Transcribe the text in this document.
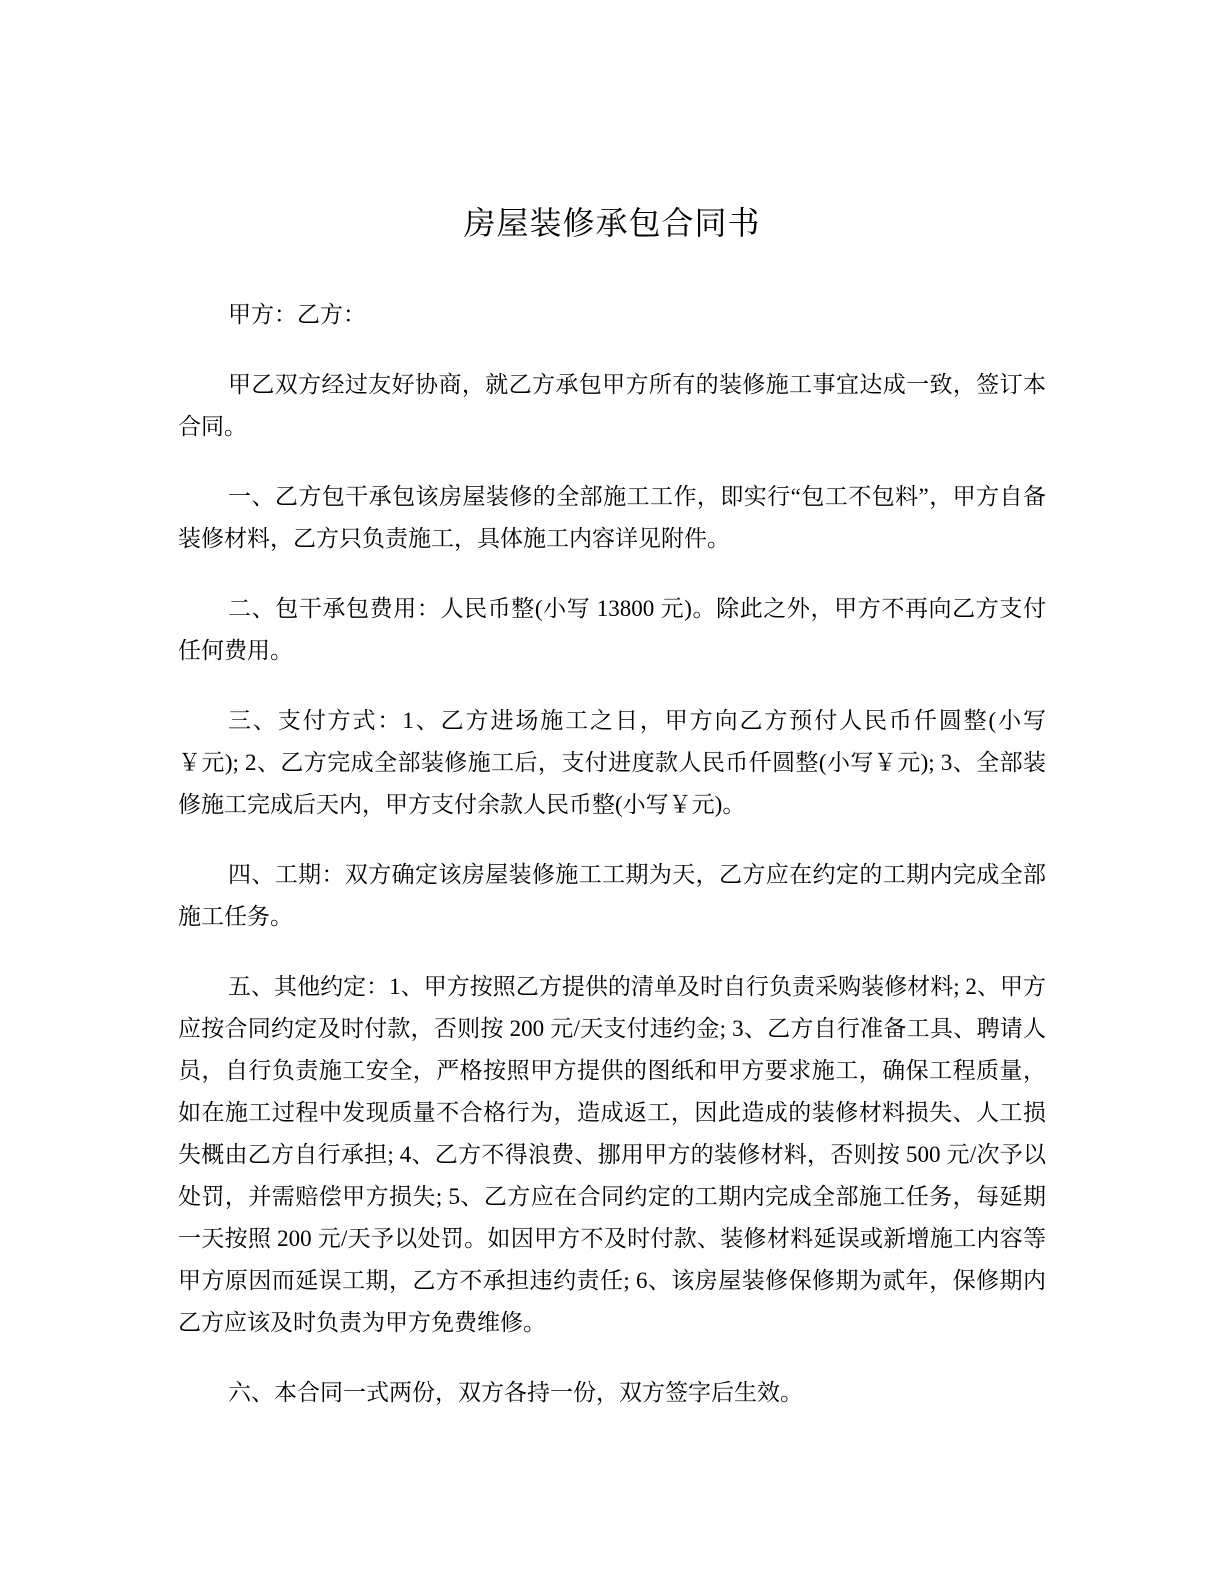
房屋装修承包合同书

甲方：乙方：

甲乙双方经过友好协商，就乙方承包甲方所有的装修施工事宜达成一致，签订本合同。

一、乙方包干承包该房屋装修的全部施工工作，即实行“包工不包料”，甲方自备装修材料，乙方只负责施工，具体施工内容详见附件。

二、包干承包费用：人民币整(小写 13800 元)。除此之外，甲方不再向乙方支付任何费用。

三、支付方式：1、乙方进场施工之日，甲方向乙方预付人民币仟圆整(小写 ￥元); 2、乙方完成全部装修施工后，支付进度款人民币仟圆整(小写￥元); 3、全部装修施工完成后天内，甲方支付余款人民币整(小写￥元)。

四、工期：双方确定该房屋装修施工工期为天，乙方应在约定的工期内完成全部施工任务。

五、其他约定：1、甲方按照乙方提供的清单及时自行负责采购装修材料; 2、甲方应按合同约定及时付款，否则按 200 元/天支付违约金; 3、乙方自行准备工具、聘请人员，自行负责施工安全，严格按照甲方提供的图纸和甲方要求施工，确保工程质量，如在施工过程中发现质量不合格行为，造成返工，因此造成的装修材料损失、人工损失概由乙方自行承担; 4、乙方不得浪费、挪用甲方的装修材料，否则按 500 元/次予以处罚，并需赔偿甲方损失; 5、乙方应在合同约定的工期内完成全部施工任务，每延期一天按照 200 元/天予以处罚。如因甲方不及时付款、装修材料延误或新增施工内容等甲方原因而延误工期，乙方不承担违约责任; 6、该房屋装修保修期为贰年，保修期内乙方应该及时负责为甲方免费维修。

六、本合同一式两份，双方各持一份，双方签字后生效。
